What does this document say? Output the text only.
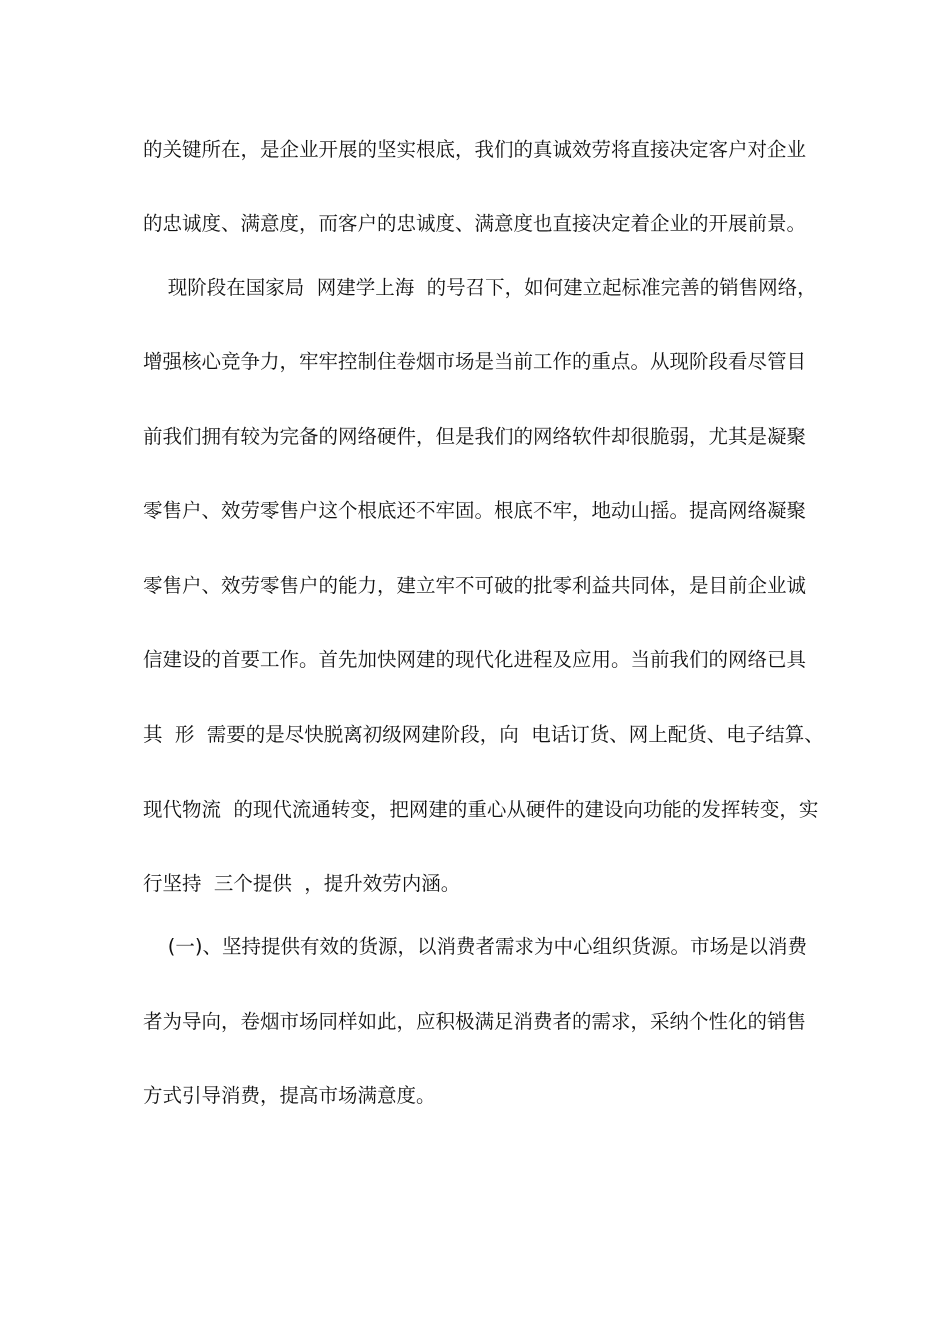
的关键所在，是企业开展的坚实根底，我们的真诚效劳将直接决定客户对企业
的忠诚度、满意度，而客户的忠诚度、满意度也直接决定着企业的开展前景。
现阶段在国家局  网建学上海  的号召下，如何建立起标准完善的销售网络，
增强核心竞争力，牢牢控制住卷烟市场是当前工作的重点。从现阶段看尽管目
前我们拥有较为完备的网络硬件，但是我们的网络软件却很脆弱，尤其是凝聚
零售户、效劳零售户这个根底还不牢固。根底不牢，地动山摇。提高网络凝聚
零售户、效劳零售户的能力，建立牢不可破的批零利益共同体，是目前企业诚
信建设的首要工作。首先加快网建的现代化进程及应用。当前我们的网络已具
其  形  需要的是尽快脱离初级网建阶段，向  电话订货、网上配货、电子结算、
现代物流  的现代流通转变，把网建的重心从硬件的建设向功能的发挥转变，实
行坚持  三个提供  ，提升效劳内涵。
(一)、坚持提供有效的货源，以消费者需求为中心组织货源。市场是以消费
者为导向，卷烟市场同样如此，应积极满足消费者的需求，采纳个性化的销售
方式引导消费，提高市场满意度。
